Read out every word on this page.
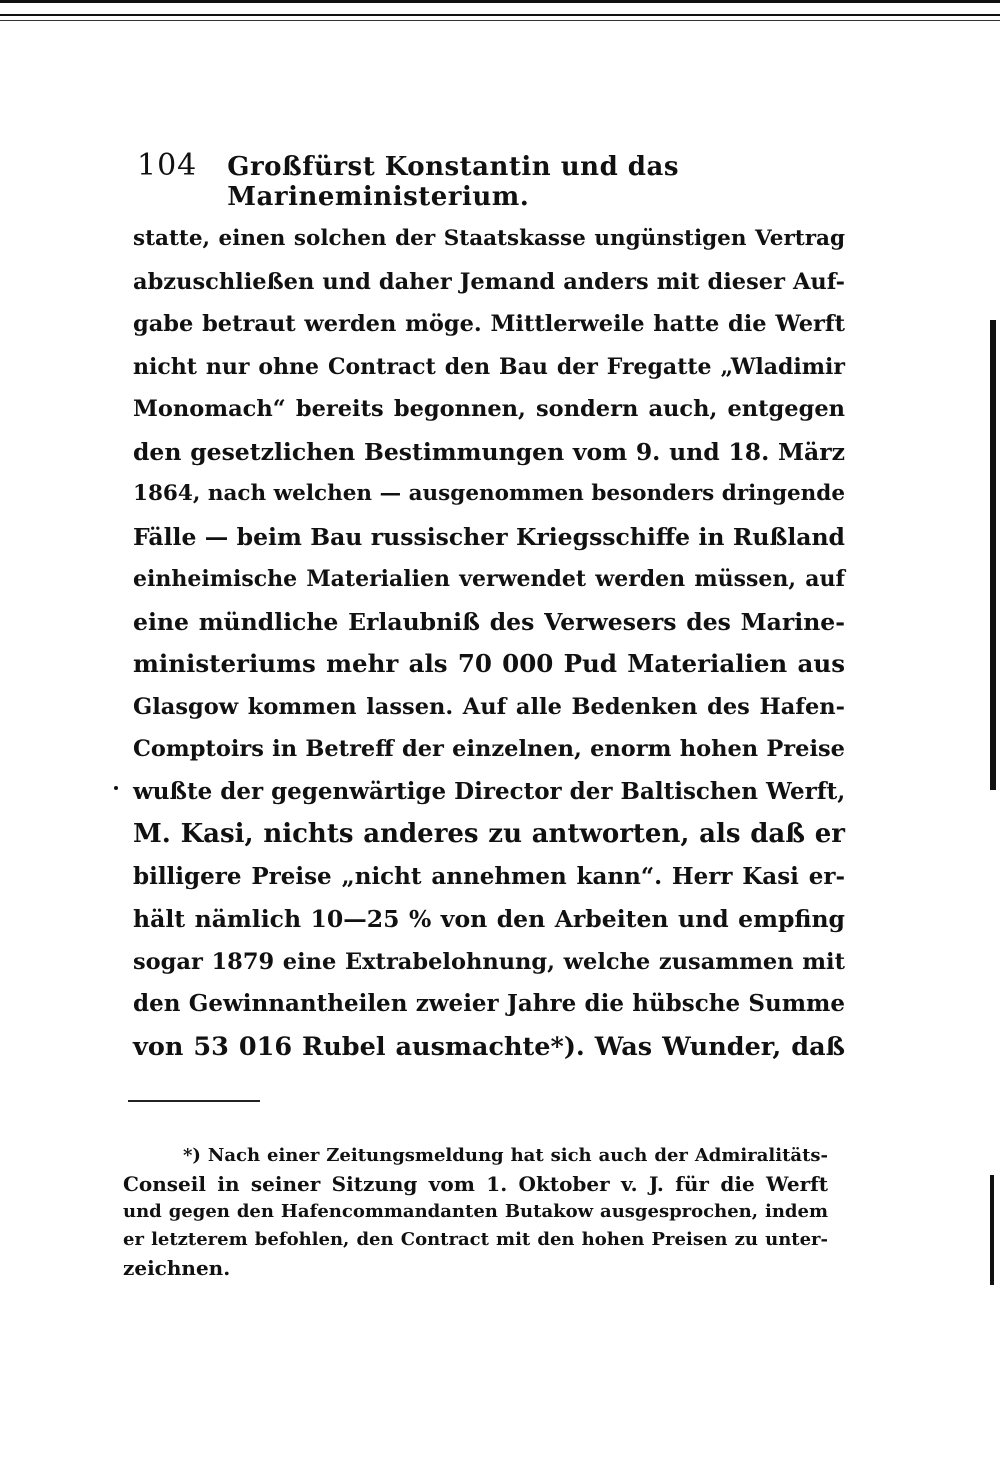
104 Großfürst Konstantin und das Marineministerium.
statte, einen solchen der Staatskasse ungünstigen Vertrag
abzuschließen und daher Jemand anders mit dieser Auf-
gabe betraut werden möge. Mittlerweile hatte die Werft
nicht nur ohne Contract den Bau der Fregatte „Wladimir
Monomach“ bereits begonnen, sondern auch, entgegen
den gesetzlichen Bestimmungen vom 9. und 18. März
1864, nach welchen — ausgenommen besonders dringende
Fälle — beim Bau russischer Kriegsschiffe in Rußland
einheimische Materialien verwendet werden müssen, auf
eine mündliche Erlaubniß des Verwesers des Marine-
ministeriums mehr als 70 000 Pud Materialien aus
Glasgow kommen lassen. Auf alle Bedenken des Hafen-
Comptoirs in Betreff der einzelnen, enorm hohen Preise
wußte der gegenwärtige Director der Baltischen Werft,
M. Kasi, nichts anderes zu antworten, als daß er
billigere Preise „nicht annehmen kann“. Herr Kasi er-
hält nämlich 10—25 % von den Arbeiten und empfing
sogar 1879 eine Extrabelohnung, welche zusammen mit
den Gewinnantheilen zweier Jahre die hübsche Summe
von 53 016 Rubel ausmachte*). Was Wunder, daß
*) Nach einer Zeitungsmeldung hat sich auch der Admiralitäts-
Conseil in seiner Sitzung vom 1. Oktober v. J. für die Werft
und gegen den Hafencommandanten Butakow ausgesprochen, indem
er letzterem befohlen, den Contract mit den hohen Preisen zu unter-
zeichnen.
